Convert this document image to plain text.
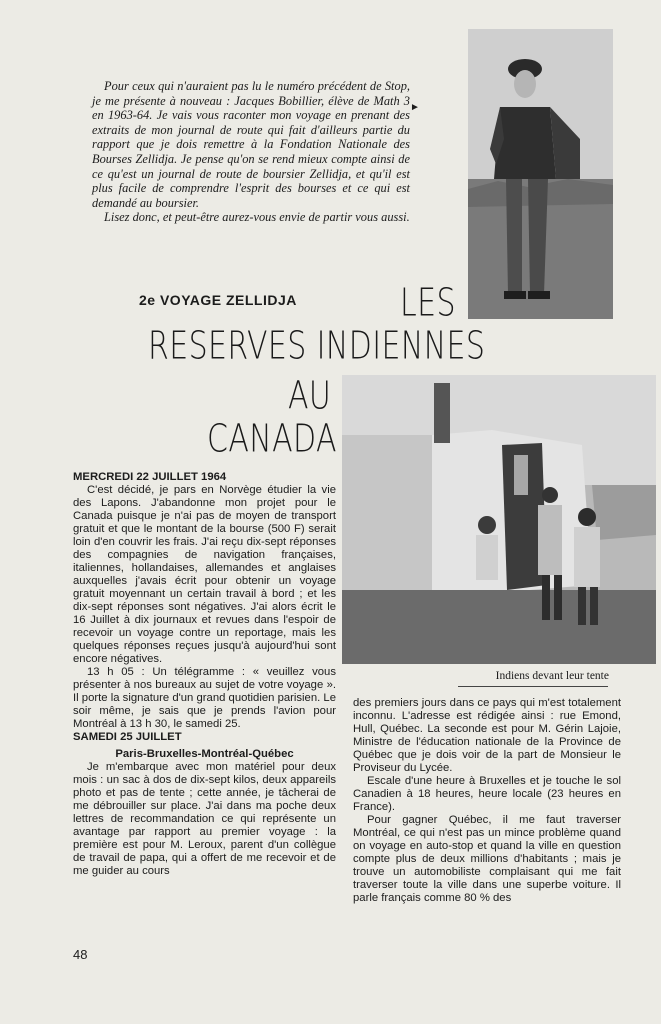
Pour ceux qui n'auraient pas lu le numéro précédent de Stop, je me présente à nouveau : Jacques Bobillier, élève de Math 3 en 1963-64. Je vais vous raconter mon voyage en prenant des extraits de mon journal de route qui fait d'ailleurs partie du rapport que je dois remettre à la Fondation Nationale des Bourses Zellidja. Je pense qu'on se rend mieux compte ainsi de ce qu'est un journal de route de boursier Zellidja, et qu'il est plus facile de comprendre l'esprit des bourses et ce qui est demandé au boursier.

Lisez donc, et peut-être aurez-vous envie de partir vous aussi.

►
2e VOYAGE ZELLIDJA	LES
RESERVES INDIENNES
AU
CANADA
Indiens devant leur tente
MERCREDI 22 JUILLET 1964

C'est décidé, je pars en Norvège étudier la vie des Lapons. J'abandonne mon projet pour le Canada puisque je n'ai pas de moyen de transport gratuit et que le montant de la bourse (500 F) serait loin d'en couvrir les frais. J'ai reçu dix-sept réponses des compagnies de navigation françaises, italiennes, hollandaises, allemandes et anglaises auxquelles j'avais écrit pour obtenir un voyage gratuit moyennant un certain travail à bord ; et les dix-sept réponses sont négatives. J'ai alors écrit le 16 Juillet à dix journaux et revues dans l'espoir de recevoir un voyage contre un reportage, mais les quelques réponses reçues jusqu'à aujourd'hui sont encore négatives.

13 h 05 : Un télégramme : « veuillez vous présenter à nos bureaux au sujet de votre voyage ». Il porte la signature d'un grand quotidien parisien. Le soir même, je sais que je prends l'avion pour Montréal à 13 h 30, le samedi 25.

SAMEDI 25 JUILLET

Paris-Bruxelles-Montréal-Québec

Je m'embarque avec mon matériel pour deux mois : un sac à dos de dix-sept kilos, deux appareils photo et pas de tente ; cette année, je tâcherai de me débrouiller sur place. J'ai dans ma poche deux lettres de recommandation ce qui représente un avantage par rapport au premier voyage : la première est pour M. Leroux, parent d'un collègue de travail de papa, qui a offert de me recevoir et de me guider au cours

des premiers jours dans ce pays qui m'est totalement inconnu. L'adresse est rédigée ainsi : rue Emond, Hull, Québec. La seconde est pour M. Gérin Lajoie, Ministre de l'éducation nationale de la Province de Québec que je dois voir de la part de Monsieur le Proviseur du Lycée.

Escale d'une heure à Bruxelles et je touche le sol Canadien à 18 heures, heure locale (23 heures en France).

Pour gagner Québec, il me faut traverser Montréal, ce qui n'est pas un mince problème quand on voyage en auto-stop et quand la ville en question compte plus de deux millions d'habitants ; mais je trouve un automobiliste complaisant qui me fait traverser toute la ville dans une superbe voiture. Il parle français comme 80 % des

48
